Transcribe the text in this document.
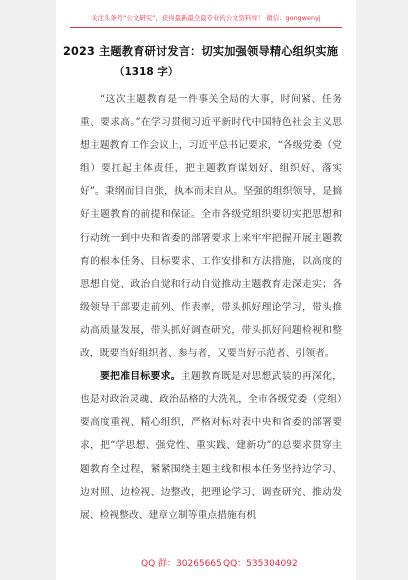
关注头条号“公文研究”，获得最新最全最专业的公文资料库！ 微信：gongwenyj
2023 主题教育研讨发言：切实加强领导精心组织实施
（1318 字）

“这次主题教育是一件事关全局的大事，时间紧、任务重、要求高。”在学习贯彻习近平新时代中国特色社会主义思想主题教育工作会议上，习近平总书记要求，“各级党委（党组）要扛起主体责任，把主题教育谋划好、组织好、落实好”。秉纲而目自张，执本而末自从。坚强的组织领导，是搞好主题教育的前提和保证。全市各级党组织要切实把思想和行动统一到中央和省委的部署要求上来牢牢把握开展主题教育的根本任务、目标要求、工作安排和方法措施，以高度的思想自觉、政治自觉和行动自觉推动主题教育走深走实；各级领导干部要走前列、作表率，带头抓好理论学习，带头推动高质量发展，带头抓好调查研究，带头抓好问题检视和整改，既要当好组织者、参与者，又要当好示范者、引领者。

要把准目标要求。主题教育既是对思想武装的再深化，也是对政治灵魂、政治品格的大洗礼，全市各级党委（党组）要高度重视、精心组织，严格对标对表中央和省委的部署要求，把“学思想、强党性、重实践、建新功”的总要求贯穿主题教育全过程，紧紧围绕主题主线和根本任务坚持边学习、边对照、边检视、边整改，把理论学习、调查研究、推动发展、检视整改、建章立制等重点措施有机

QQ 群：30265665 QQ：535304092
